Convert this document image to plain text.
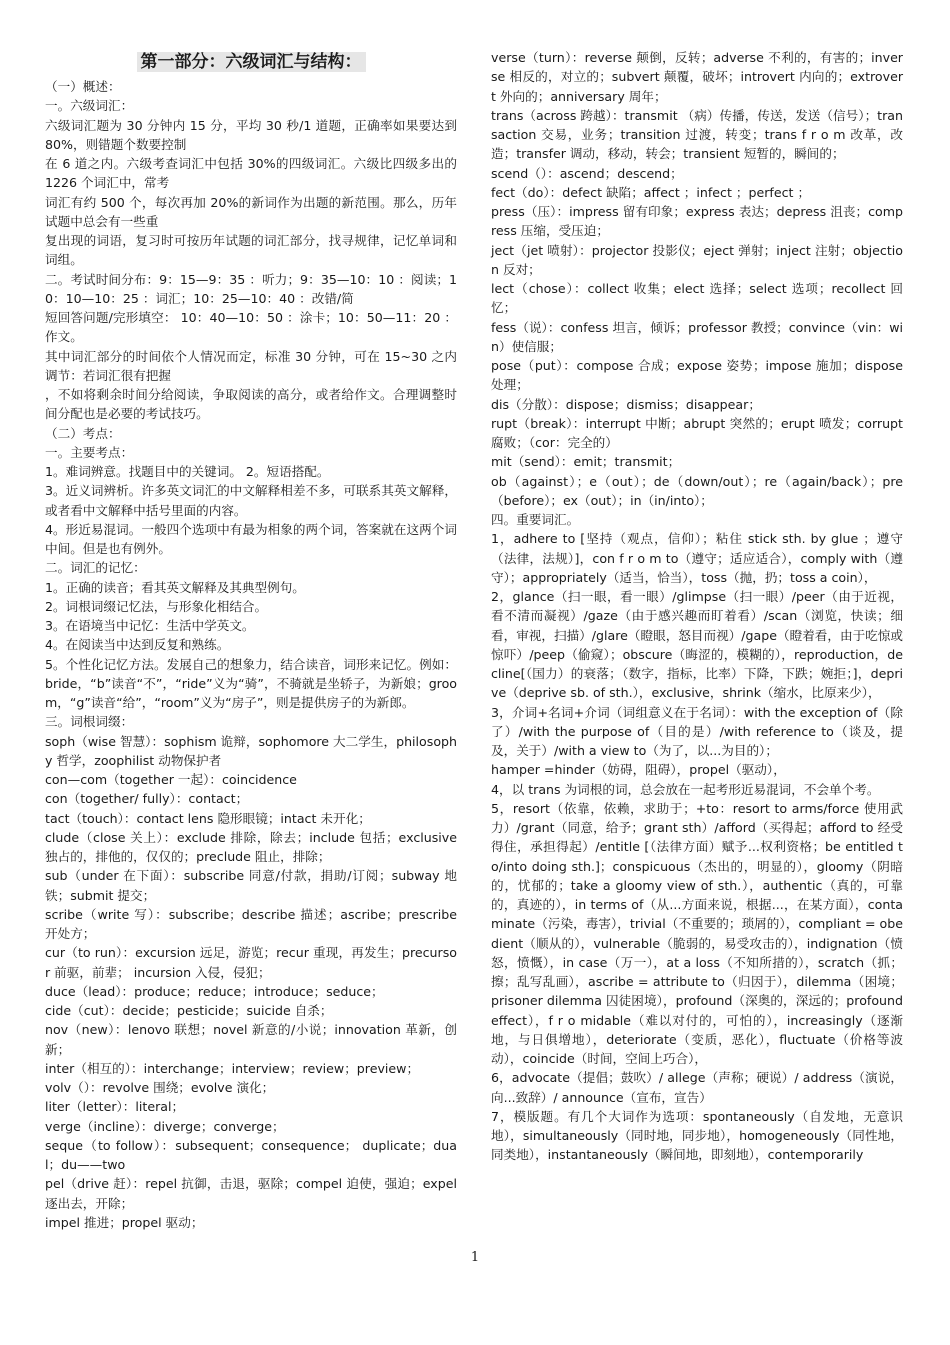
第一部分：六级词汇与结构：

（一）概述：

一。六级词汇：

六级词汇题为 30 分钟内 15 分，平均 30 秒/1 道题，正确率如果要达到 80%，则错题个数要控制

在 6 道之内。六级考查词汇中包括 30%的四级词汇。六级比四级多出的 1226 个词汇中，常考

词汇有约 500 个，每次再加 20%的新词作为出题的新范围。那么，历年试题中总会有一些重

复出现的词语，复习时可按历年试题的词汇部分，找寻规律，记忆单词和词组。

二。考试时间分布：9：15—9：35 ：听力；9：35—10：10 ：阅读；10：10—10：25 ：词汇；10：25—10：40 ：改错/简

短回答问题/完形填空： 10：40—10：50 ：涂卡；10：50—11：20 ：作文。

其中词汇部分的时间依个人情况而定，标准 30 分钟，可在 15~30 之内调节：若词汇很有把握

，不如将剩余时间分给阅读，争取阅读的高分，或者给作文。合理调整时间分配也是必要的考试技巧。

（二）考点：

一。主要考点：

1。难词辨意。找题目中的关键词。 2。短语搭配。

3。近义词辨析。许多英文词汇的中文解释相差不多，可联系其英文解释，或者看中文解释中括号里面的内容。

4。形近易混词。一般四个选项中有最为相象的两个词，答案就在这两个词中间。但是也有例外。

二。词汇的记忆：

1。正确的读音；看其英文解释及其典型例句。

2。词根词缀记忆法，与形象化相结合。

3。在语境当中记忆：生活中学英文。

4。在阅读当中达到反复和熟练。

5。个性化记忆方法。发展自己的想象力，结合读音，词形来记忆。例如：bride，“b”读音“不”，“ride”义为“骑”，不骑就是坐轿子，为新娘；groom，“g”读音“给”，“room”义为“房子”，则是提供房子的为新郎。

三。词根词缀：

soph（wise 智慧）：sophism 诡辩，sophomore 大二学生，philosophy 哲学，zoophilist 动物保护者

con—com（together 一起）：coincidence

con（together/ fully）：contact；

tact（touch）：contact lens 隐形眼镜；intact 未开化；

clude（close 关上）：exclude 排除，除去；include 包括；exclusive 独占的，排他的，仅仅的；preclude 阻止，排除；

sub（under 在下面）：subscribe 同意/付款，捐助/订阅；subway 地铁；submit 提交；

scribe（write 写）：subscribe；describe 描述；ascribe；prescribe 开处方；

cur（to run）：excursion 远足，游览；recur 重现，再发生；precursor 前驱，前辈； incursion 入侵，侵犯；

duce（lead）：produce；reduce；introduce；seduce；

cide（cut）：decide；pesticide；suicide 自杀；

nov（new）：lenovo 联想；novel 新意的/小说；innovation 革新，创新；

inter（相互的）：interchange；interview；review；preview；

volv（）：revolve 围绕；evolve 演化；

liter（letter）：literal；

verge（incline）：diverge；converge；

seque（to follow）：subsequent；consequence； duplicate；dual；du——two

pel（drive 赶）：repel 抗御，击退，驱除；compel 迫使，强迫；expel 逐出去，开除；

impel 推进；propel 驱动；

verse（turn）：reverse 颠倒，反转；adverse 不利的，有害的；inverse 相反的，对立的；subvert 颠覆，破坏；introvert 内向的；extrovert 外向的；anniversary 周年；

trans（across 跨越）：transmit （病）传播，传送，发送（信号）；transaction 交易，业务；transition 过渡，转变；trans f r o m 改革，改造；transfer 调动，移动，转会；transient 短暂的，瞬间的；

scend（）：ascend；descend；

fect（do）：defect 缺陷；affect ；infect ；perfect ；

press（压）：impress 留有印象；express 表达；depress 沮丧；compress 压缩，受压迫；

ject（jet 喷射）：projector 投影仪；eject 弹射；inject 注射；objection 反对；

lect（chose）：collect 收集；elect 选择；select 选项；recollect 回忆；

fess（说）：confess 坦言，倾诉；professor 教授；convince（vin：win）使信服；

pose（put）：compose 合成；expose 姿势；impose 施加；dispose 处理；

dis（分散）：dispose；dismiss；disappear；

rupt（break）：interrupt 中断；abrupt 突然的；erupt 喷发；corrupt 腐败；（cor：完全的）

mit（send）：emit；transmit；

ob（against）；e（out）；de（down/out）；re（again/back）；pre（before）；ex（out）；in（in/into）；

四。重要词汇。

1，adhere to [坚持（观点，信仰）；粘住 stick sth. by glue ；遵守（法律，法规）]，con f r o m to（遵守；适应适合），comply with（遵守）；appropriately（适当，恰当），toss（抛，扔；toss a coin），

2，glance（扫一眼，看一眼）/glimpse（扫一眼）/peer（由于近视，看不清而凝视）/gaze（由于感兴趣而盯着看）/scan（浏览，快读；细看，审视，扫描）/glare（瞪眼，怒目而视）/gape（瞪着看，由于吃惊或惊吓）/peep（偷窥）；obscure（晦涩的，模糊的），reproduction，decline[（国力）的衰落；（数字，指标，比率）下降，下跌；婉拒；]，deprive（deprive sb. of sth.），exclusive，shrink（缩水，比原来少），

3，介词+名词+介词（词组意义在于名词）：with the exception of（除了）/with the purpose of（目的是）/with reference to（谈及，提及，关于）/with a view to（为了，以...为目的）；

hamper =hinder（妨碍，阻碍），propel（驱动），

4，以 trans 为词根的词，总会放在一起考形近易混词，不会单个考。

5，resort（依靠，依赖，求助于；+to：resort to arms/force 使用武力）/grant（同意，给予；grant sth）/afford（买得起；afford to 经受得住，承担得起）/entitle [（法律方面）赋予...权利资格；be entitled to/into doing sth.]；conspicuous（杰出的，明显的），gloomy（阴暗的，忧郁的；take a gloomy view of sth.），authentic（真的，可靠的，真迹的），in terms of（从...方面来说，根据...，在某方面），contaminate（污染，毒害），trivial（不重要的；琐屑的），compliant = obedient（顺从的），vulnerable（脆弱的，易受攻击的），indignation（愤怒，愤慨），in case（万一），at a loss（不知所措的），scratch（抓；擦；乱写乱画），ascribe = attribute to（归因于），dilemma（困境；prisoner dilemma 囚徒困境），profound（深奥的，深远的；profound effect），f r o midable（难以对付的，可怕的），increasingly（逐渐地，与日俱增地），deteriorate（变质，恶化），fluctuate（价格等波动），coincide（时间，空间上巧合），

6，advocate（提倡；鼓吹）/ allege（声称；硬说）/ address（演说，向...致辞）/ announce（宣布，宣告）

7，模版题。有几个大词作为选项：spontaneously（自发地，无意识地），simultaneously（同时地，同步地），homogeneously（同性地，同类地），instantaneously（瞬间地，即刻地），contemporarily

1
